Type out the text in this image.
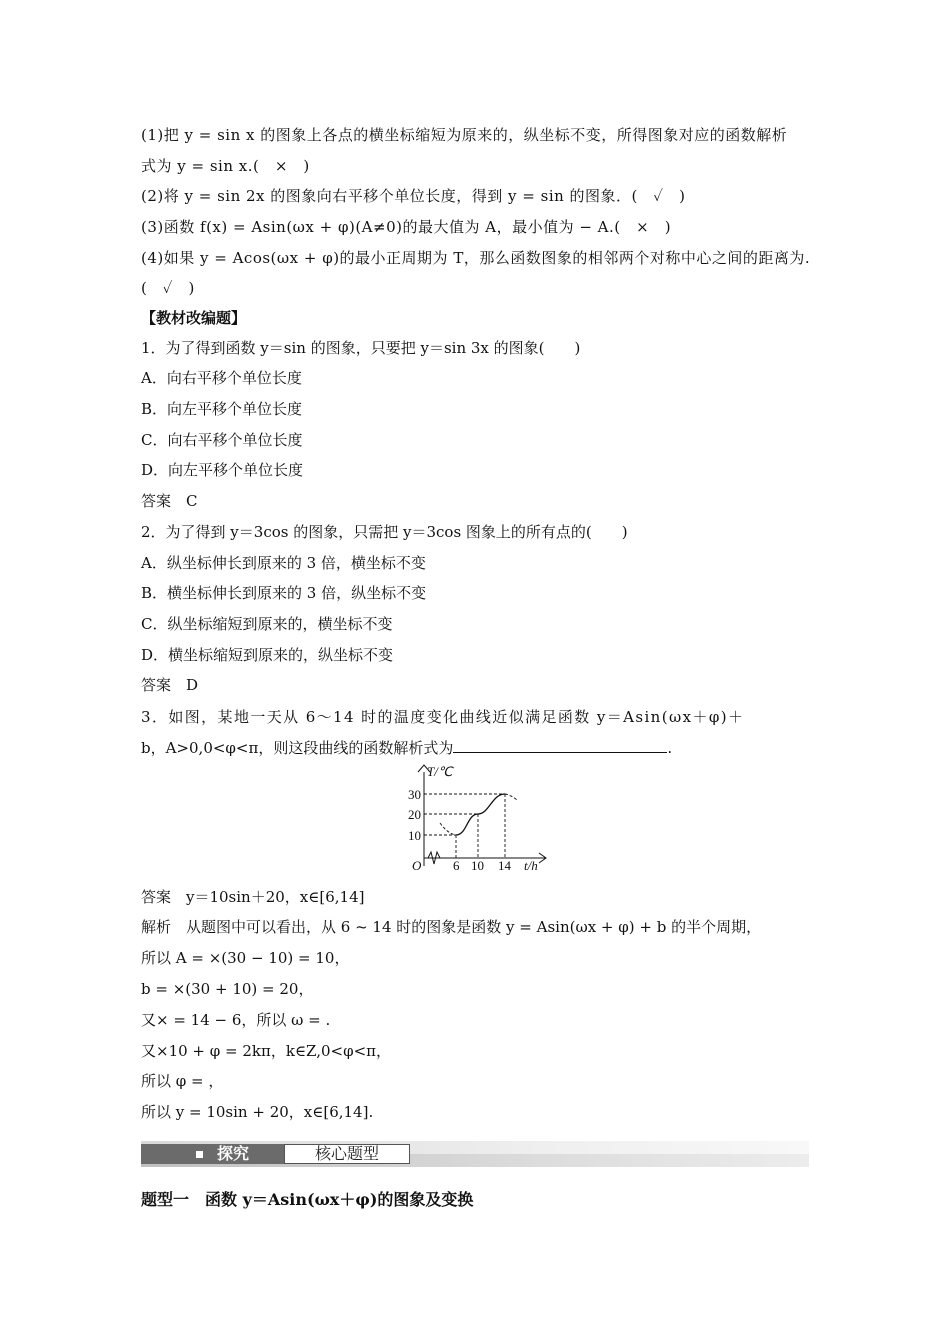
(1)把 y = sin x 的图象上各点的横坐标缩短为原来的，纵坐标不变，所得图象对应的函数解析
式为 y = sin x.(　×　)
(2)将 y = sin 2x 的图象向右平移个单位长度，得到 y = sin 的图象．(　✓　)
(3)函数 f(x) = Asin(ωx + φ)(A≠0)的最大值为 A，最小值为 − A.(　×　)
(4)如果 y = Acos(ωx + φ)的最小正周期为 T，那么函数图象的相邻两个对称中心之间的距离为.
(　✓　)
【教材改编题】
1．为了得到函数 y＝sin 的图象，只要把 y＝sin 3x 的图象(　　)
A．向右平移个单位长度
B．向左平移个单位长度
C．向右平移个单位长度
D．向左平移个单位长度
答案　C
2．为了得到 y＝3cos 的图象，只需把 y＝3cos 图象上的所有点的(　　)
A．纵坐标伸长到原来的 3 倍，横坐标不变
B．横坐标伸长到原来的 3 倍，纵坐标不变
C．纵坐标缩短到原来的，横坐标不变
D．横坐标缩短到原来的，纵坐标不变
答案　D
3．如图，某地一天从 6～14 时的温度变化曲线近似满足函数 y＝Asin(ωx＋φ)＋
b，A>0,0<φ<π，则这段曲线的函数解析式为	.
T/℃
t/h
O
30
20
10
6 10 14
答案　y＝10sin＋20，x∈[6,14]
解析　从题图中可以看出，从 6 ~ 14 时的图象是函数 y = Asin(ωx + φ) + b 的半个周期，
所以 A = ×(30 − 10) = 10，
b = ×(30 + 10) = 20，
又× = 14 − 6，所以 ω = .
又×10 + φ = 2kπ，k∈Z,0<φ<π，
所以 φ = ，
所以 y = 10sin + 20，x∈[6,14].
探究	核心题型
题型一　函数 y＝Asin(ωx＋φ)的图象及变换
